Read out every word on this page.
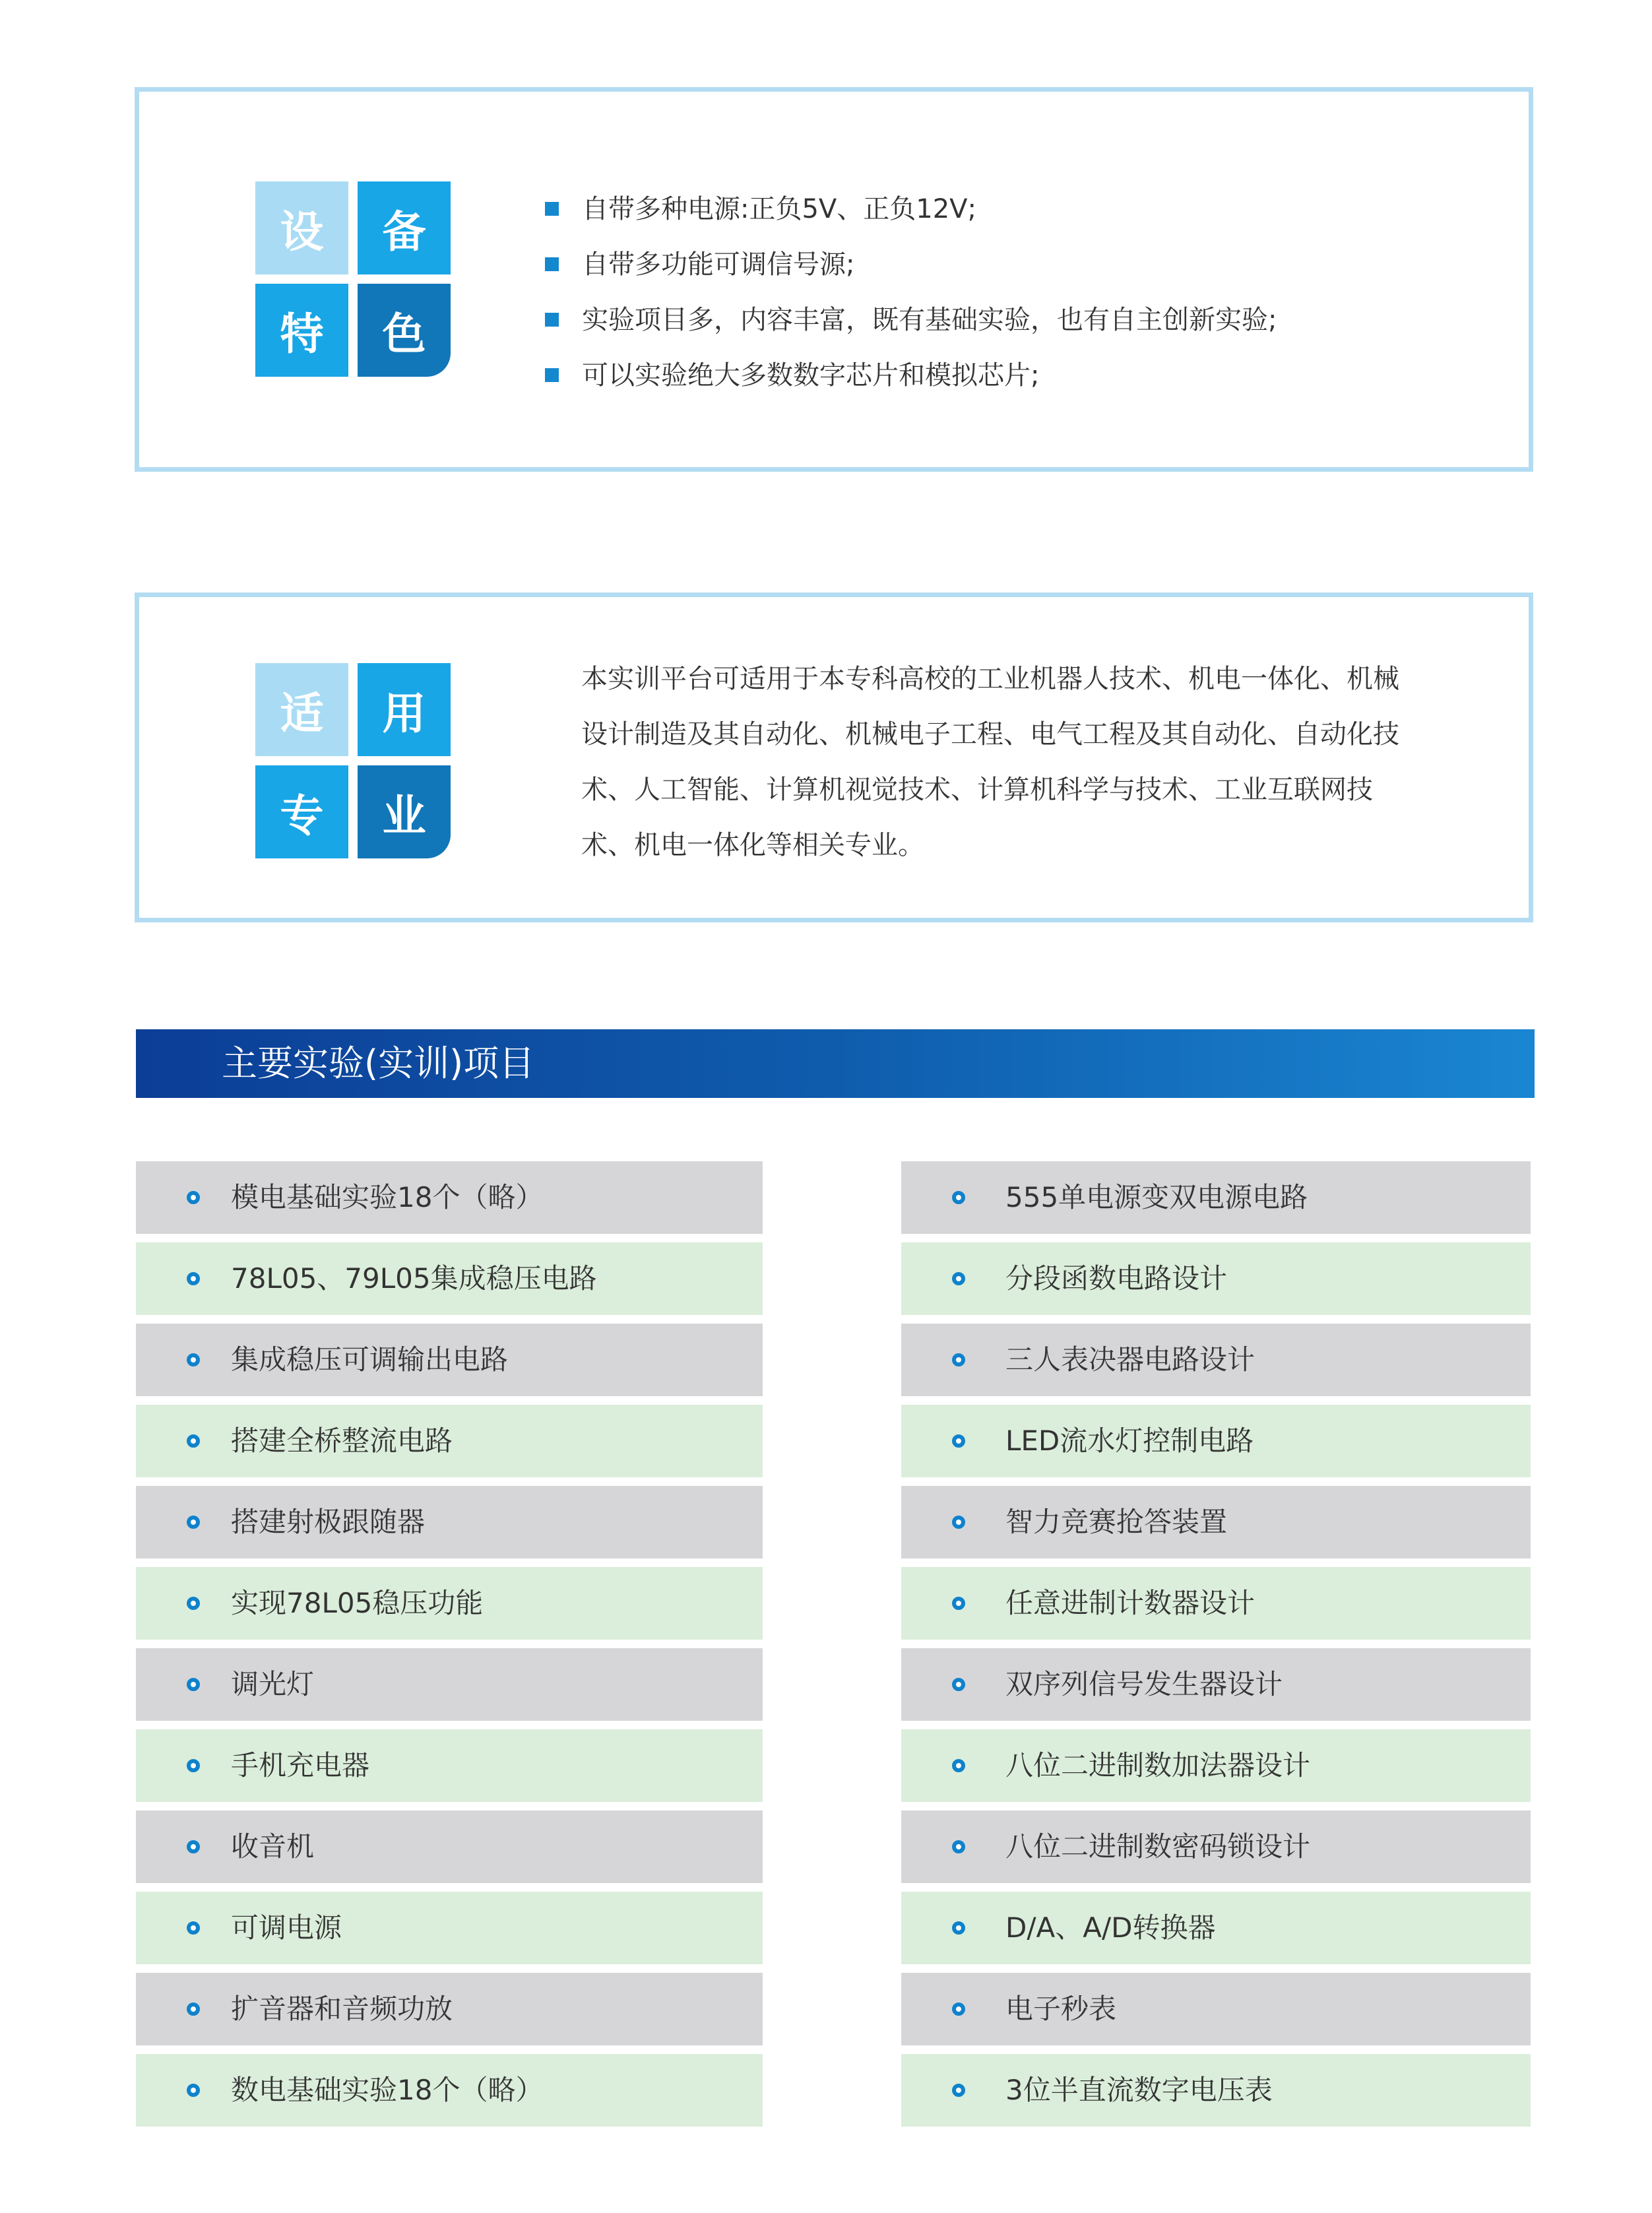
设	备
特	色
自带多种电源:正负5V、正负12V;
自带多功能可调信号源;
实验项目多，内容丰富，既有基础实验，也有自主创新实验;
可以实验绝大多数数字芯片和模拟芯片;
适	用
专	业
本实训平台可适用于本专科高校的工业机器人技术、机电一体化、机械
设计制造及其自动化、机械电子工程、电气工程及其自动化、自动化技
术、人工智能、计算机视觉技术、计算机科学与技术、工业互联网技
术、机电一体化等相关专业。
主要实验(实训)项目
模电基础实验18个（略）
78L05、79L05集成稳压电路
集成稳压可调输出电路
搭建全桥整流电路
搭建射极跟随器
实现78L05稳压功能
调光灯
手机充电器
收音机
可调电源
扩音器和音频功放
数电基础实验18个（略）
555单电源变双电源电路
分段函数电路设计
三人表决器电路设计
LED流水灯控制电路
智力竞赛抢答装置
任意进制计数器设计
双序列信号发生器设计
八位二进制数加法器设计
八位二进制数密码锁设计
D/A、A/D转换器
电子秒表
3位半直流数字电压表
